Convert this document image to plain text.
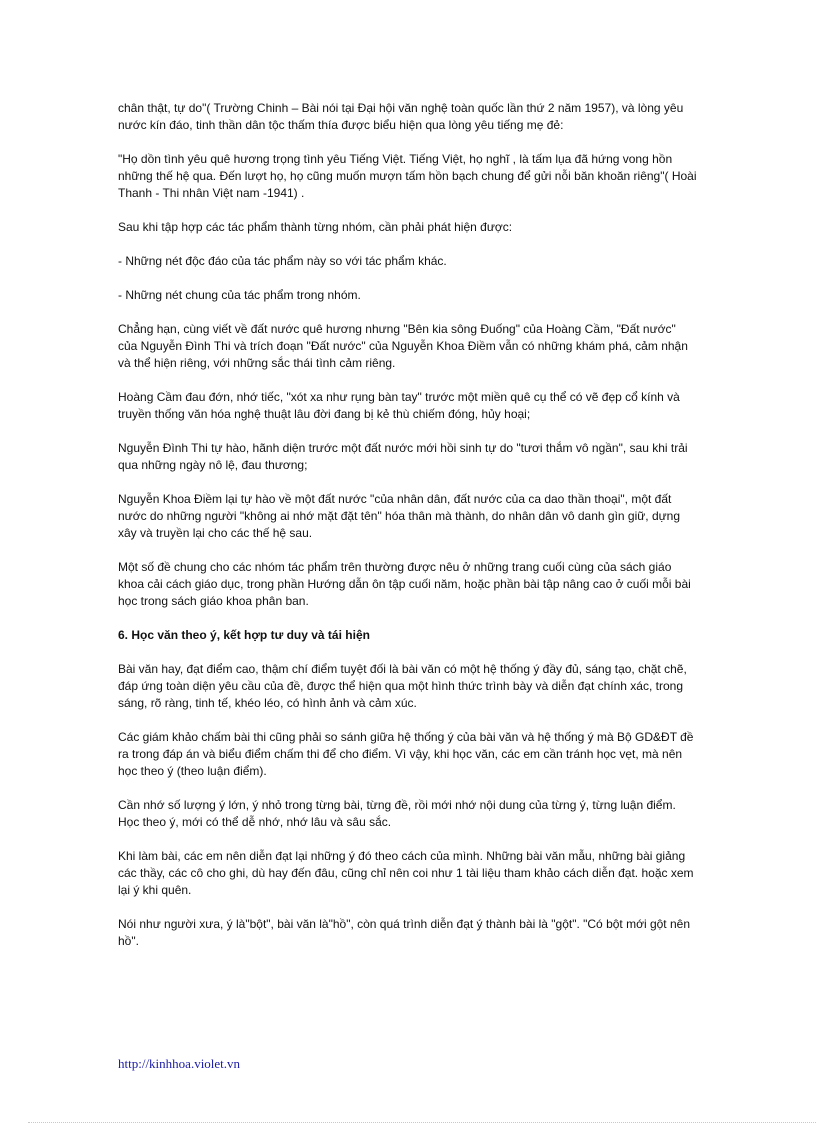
chân thật, tự do"( Trường Chinh – Bài nói tại Đại hội văn nghệ toàn quốc lần thứ 2 năm 1957), và lòng yêu nước kín đáo, tinh thần dân tộc thấm thía được biểu hiện qua lòng yêu tiếng mẹ đẻ:

"Họ dồn tình yêu quê hương trọng tình yêu Tiếng Việt. Tiếng Việt, họ nghĩ , là tấm lụa đã hứng vong hồn những thế hệ qua. Đến lượt họ, họ cũng muốn mượn tấm hồn bạch chung để gửi nỗi băn khoăn riêng"( Hoài Thanh - Thi nhân Việt nam -1941) .

Sau khi tập hợp các tác phẩm thành từng nhóm, cần phải phát hiện được:

- Những nét độc đáo của tác phẩm này so với tác phẩm khác.

- Những nét chung của tác phẩm trong nhóm.

Chẳng hạn, cùng viết về đất nước quê hương nhưng "Bên kia sông Đuống" của Hoàng Cầm, "Đất nước" của Nguyễn Đình Thi và trích đoạn "Đất nước" của Nguyễn Khoa Điềm vẫn có những khám phá, cảm nhận và thể hiện riêng, với những sắc thái tình cảm riêng.

Hoàng Cầm đau đớn, nhớ tiếc, "xót xa như rụng bàn tay" trước một miền quê cụ thể có vẽ đẹp cổ kính và truyền thống văn hóa nghệ thuật lâu đời đang bị kẻ thù chiếm đóng, hủy hoại;

Nguyễn Đình Thi tự hào, hãnh diện trước một đất nước mới hồi sinh tự do "tươi thắm vô ngần", sau khi trải qua những ngày nô lệ, đau thương;

Nguyễn Khoa Điềm lại tự hào về một đất nước "của nhân dân, đất nước của ca dao thần thoại", một đất nước do những người "không ai nhớ mặt đặt tên" hóa thân mà thành, do nhân dân vô danh gìn giữ, dựng xây và truyền lại cho các thế hệ sau.

Một số đề chung cho các nhóm tác phẩm trên thường được nêu ở những trang cuối cùng của sách giáo khoa cải cách giáo dục, trong phần Hướng dẫn ôn tập cuối năm, hoặc phần bài tập nâng cao ở cuối mỗi bài học trong sách giáo khoa phân ban.

6. Học văn theo ý, kết hợp tư duy và tái hiện

Bài văn hay, đạt điểm cao, thậm chí điểm tuyệt đối là bài văn có một hệ thống ý đầy đủ, sáng tạo, chặt chẽ, đáp ứng toàn diện yêu cầu của đề, được thể hiện qua một hình thức trình bày và diễn đạt chính xác, trong sáng, rõ ràng, tinh tế, khéo léo, có hình ảnh và cảm xúc.

Các giám khảo chấm bài thi cũng phải so sánh giữa hệ thống ý của bài văn và hệ thống ý mà Bộ GD&ĐT đề ra trong đáp án và biểu điểm chấm thi để cho điểm. Vì vậy, khi học văn, các em cần tránh học vẹt, mà nên học theo ý (theo luận điểm).

Cần nhớ số lượng ý lớn, ý nhỏ trong từng bài, từng đề, rồi mới nhớ nội dung của từng ý, từng luận điểm. Học theo ý, mới có thể dễ nhớ, nhớ lâu và sâu sắc.

Khi làm bài, các em nên diễn đạt lại những ý đó theo cách của mình. Những bài văn mẫu, những bài giảng các thầy, các cô cho ghi, dù hay đến đâu, cũng chỉ nên coi như 1 tài liệu tham khảo cách diễn đạt. hoặc xem lại ý khi quên.

Nói như người xưa, ý là"bột", bài văn là"hồ", còn quá trình diễn đạt ý thành bài là "gột". "Có bột mới gột nên hồ".

http://kinhhoa.violet.vn
